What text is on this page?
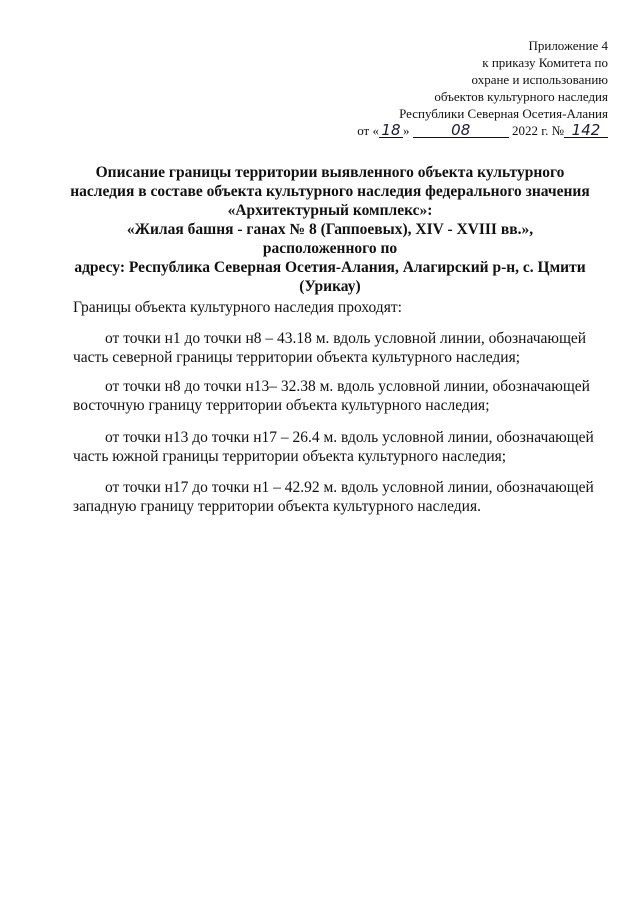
Приложение 4
к приказу Комитета по
охране и использованию
объектов культурного наследия
Республики Северная Осетия-Алания
от « 18 »	08	2022 г. № 142
Описание границы территории выявленного объекта культурного
наследия в составе объекта культурного наследия федерального значения
«Архитектурный комплекс»:
«Жилая башня - ганах № 8 (Гаппоевых), XIV - XVIII вв.», расположенного по
адресу: Республика Северная Осетия-Алания, Алагирский р-н, с. Цмити
(Урикау)
Границы объекта культурного наследия проходят:
от точки н1 до точки н8 – 43.18 м. вдоль условной линии, обозначающей
часть северной границы территории объекта культурного наследия;
от точки н8 до точки н13– 32.38 м. вдоль условной линии, обозначающей
восточную границу территории объекта культурного наследия;
от точки н13 до точки н17 – 26.4 м. вдоль условной линии, обозначающей
часть южной границы территории объекта культурного наследия;
от точки н17 до точки н1 – 42.92 м. вдоль условной линии, обозначающей
западную границу территории объекта культурного наследия.
